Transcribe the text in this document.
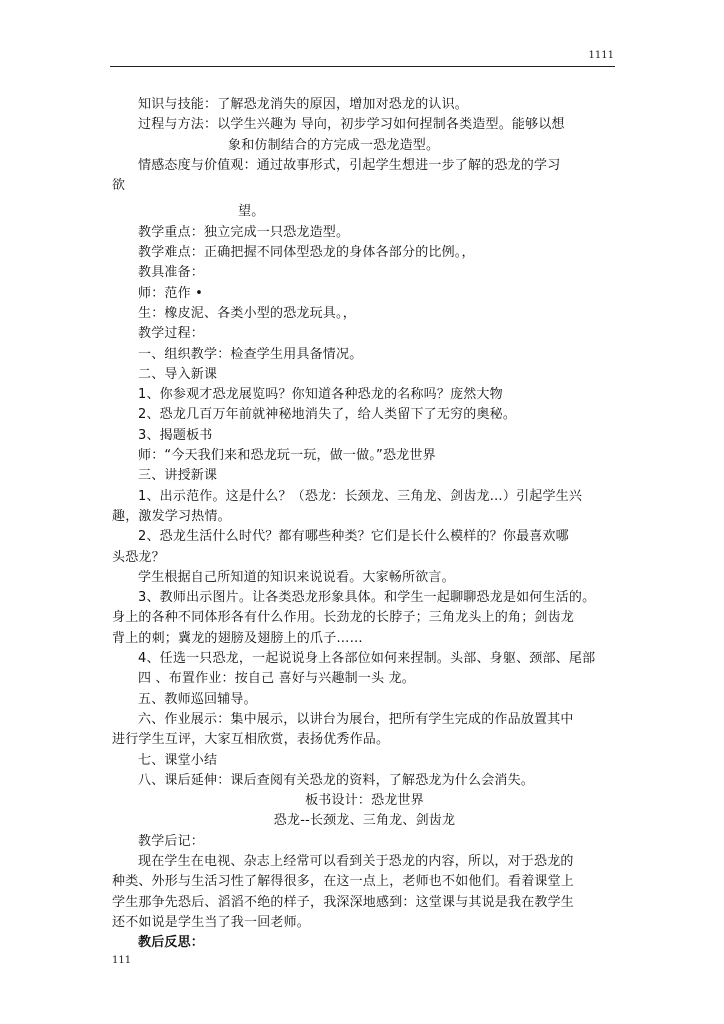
1111
知识与技能：了解恐龙消失的原因，增加对恐龙的认识。
过程与方法：以学生兴趣为 导向，初步学习如何捏制各类造型。能够以想
象和仿制结合的方完成一恐龙造型。
情感态度与价值观：通过故事形式，引起学生想进一步了解的恐龙的学习
欲
望。
教学重点：独立完成一只恐龙造型。
教学难点：正确把握不同体型恐龙的身体各部分的比例。，
教具准备：
师：范作 •
生：橡皮泥、各类小型的恐龙玩具。，
教学过程：
一、组织教学：检查学生用具备情况。
二、导入新课
1、你参观才恐龙展览吗？你知道各种恐龙的名称吗？庞然大物
2、恐龙几百万年前就神秘地消失了，给人类留下了无穷的奥秘。
3、揭题板书
师：“今天我们来和恐龙玩一玩，做一做。”恐龙世界
三、讲授新课
1、出示范作。这是什么？（恐龙：长颈龙、三角龙、剑齿龙…）引起学生兴
趣，激发学习热情。
2、恐龙生活什么时代？都有哪些种类？它们是长什么模样的？你最喜欢哪
头恐龙？
学生根据自己所知道的知识来说说看。大家畅所欲言。
3、教师出示图片。让各类恐龙形象具体。和学生一起聊聊恐龙是如何生活的。
身上的各种不同体形各有什么作用。长劲龙的长脖子；三角龙头上的角；剑齿龙
背上的刺；冀龙的翅膀及翅膀上的爪子……
4、任选一只恐龙，一起说说身上各部位如何来捏制。头部、身躯、颈部、尾部
四 、布置作业：按自己 喜好与兴趣制一头 龙。
五、教师巡回辅导。
六、作业展示：集中展示，以讲台为展台，把所有学生完成的作品放置其中
进行学生互评，大家互相欣赏，表扬优秀作品。
七、课堂小结
八、课后延伸：课后查阅有关恐龙的资料，了解恐龙为什么会消失。
板书设计：恐龙世界
恐龙--长颈龙、三角龙、剑齿龙
教学后记：
现在学生在电视、杂志上经常可以看到关于恐龙的内容，所以，对于恐龙的
种类、外形与生活习性了解得很多，在这一点上，老师也不如他们。看着课堂上
学生那争先恐后、滔滔不绝的样子，我深深地感到：这堂课与其说是我在教学生
还不如说是学生当了我一回老师。
教后反思：
111
